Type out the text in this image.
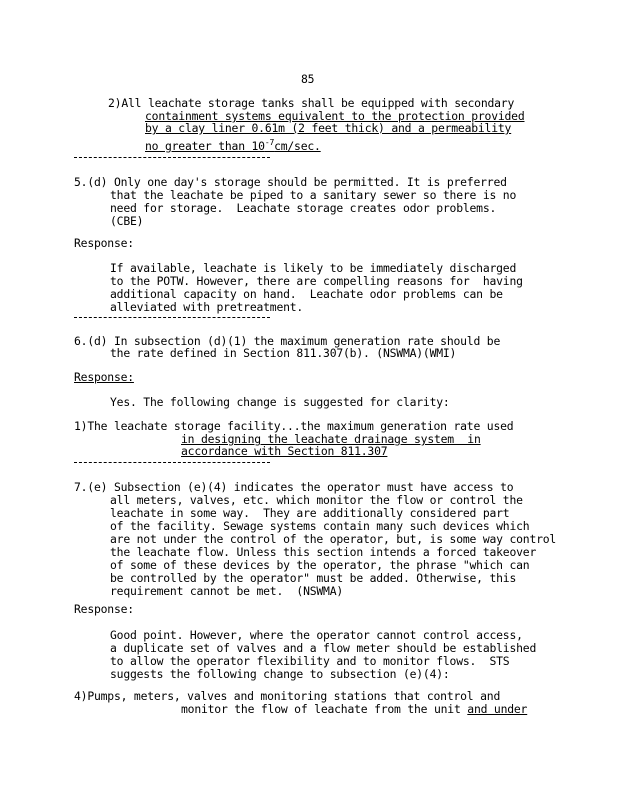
85
2)All leachate storage tanks shall be equipped with secondary
containment systems equivalent to the protection provided
by a clay liner 0.61m (2 feet thick) and a permeability
no greater than $10^{-7}cm/\sec$.
5.(d) Only one day's storage should be permitted. It is preferred
that the leachate be piped to a sanitary sewer so there is no
need for storage.  Leachate storage creates odor problems.
(CBE)
Response:
If available, leachate is likely to be immediately discharged
to the POTW. However, there are compelling reasons for  having
additional capacity on hand.  Leachate odor problems can be
alleviated with pretreatment.
6.(d) In subsection (d)(1) the maximum generation rate should be
the rate defined in Section 811.307(b). (NSWMA)(WMI)
Response:
Yes. The following change is suggested for clarity:
1)The leachate storage facility...the maximum generation rate used
in designing the leachate drainage system  in
accordance with Section 811.307
7.(e) Subsection (e)(4) indicates the operator must have access to
all meters, valves, etc. which monitor the flow or control the
leachate in some way.  They are additionally considered part
of the facility. Sewage systems contain many such devices which
are not under the control of the operator, but, is some way control
the leachate flow. Unless this section intends a forced takeover
of some of these devices by the operator, the phrase "which can
be controlled by the operator" must be added. Otherwise, this
requirement cannot be met.  (NSWMA)
Response:
Good point. However, where the operator cannot control access,
a duplicate set of valves and a flow meter should be established
to allow the operator flexibility and to monitor flows.  STS
suggests the following change to subsection (e)(4):
4)Pumps, meters, valves and monitoring stations that control and
monitor the flow of leachate from the unit and under
